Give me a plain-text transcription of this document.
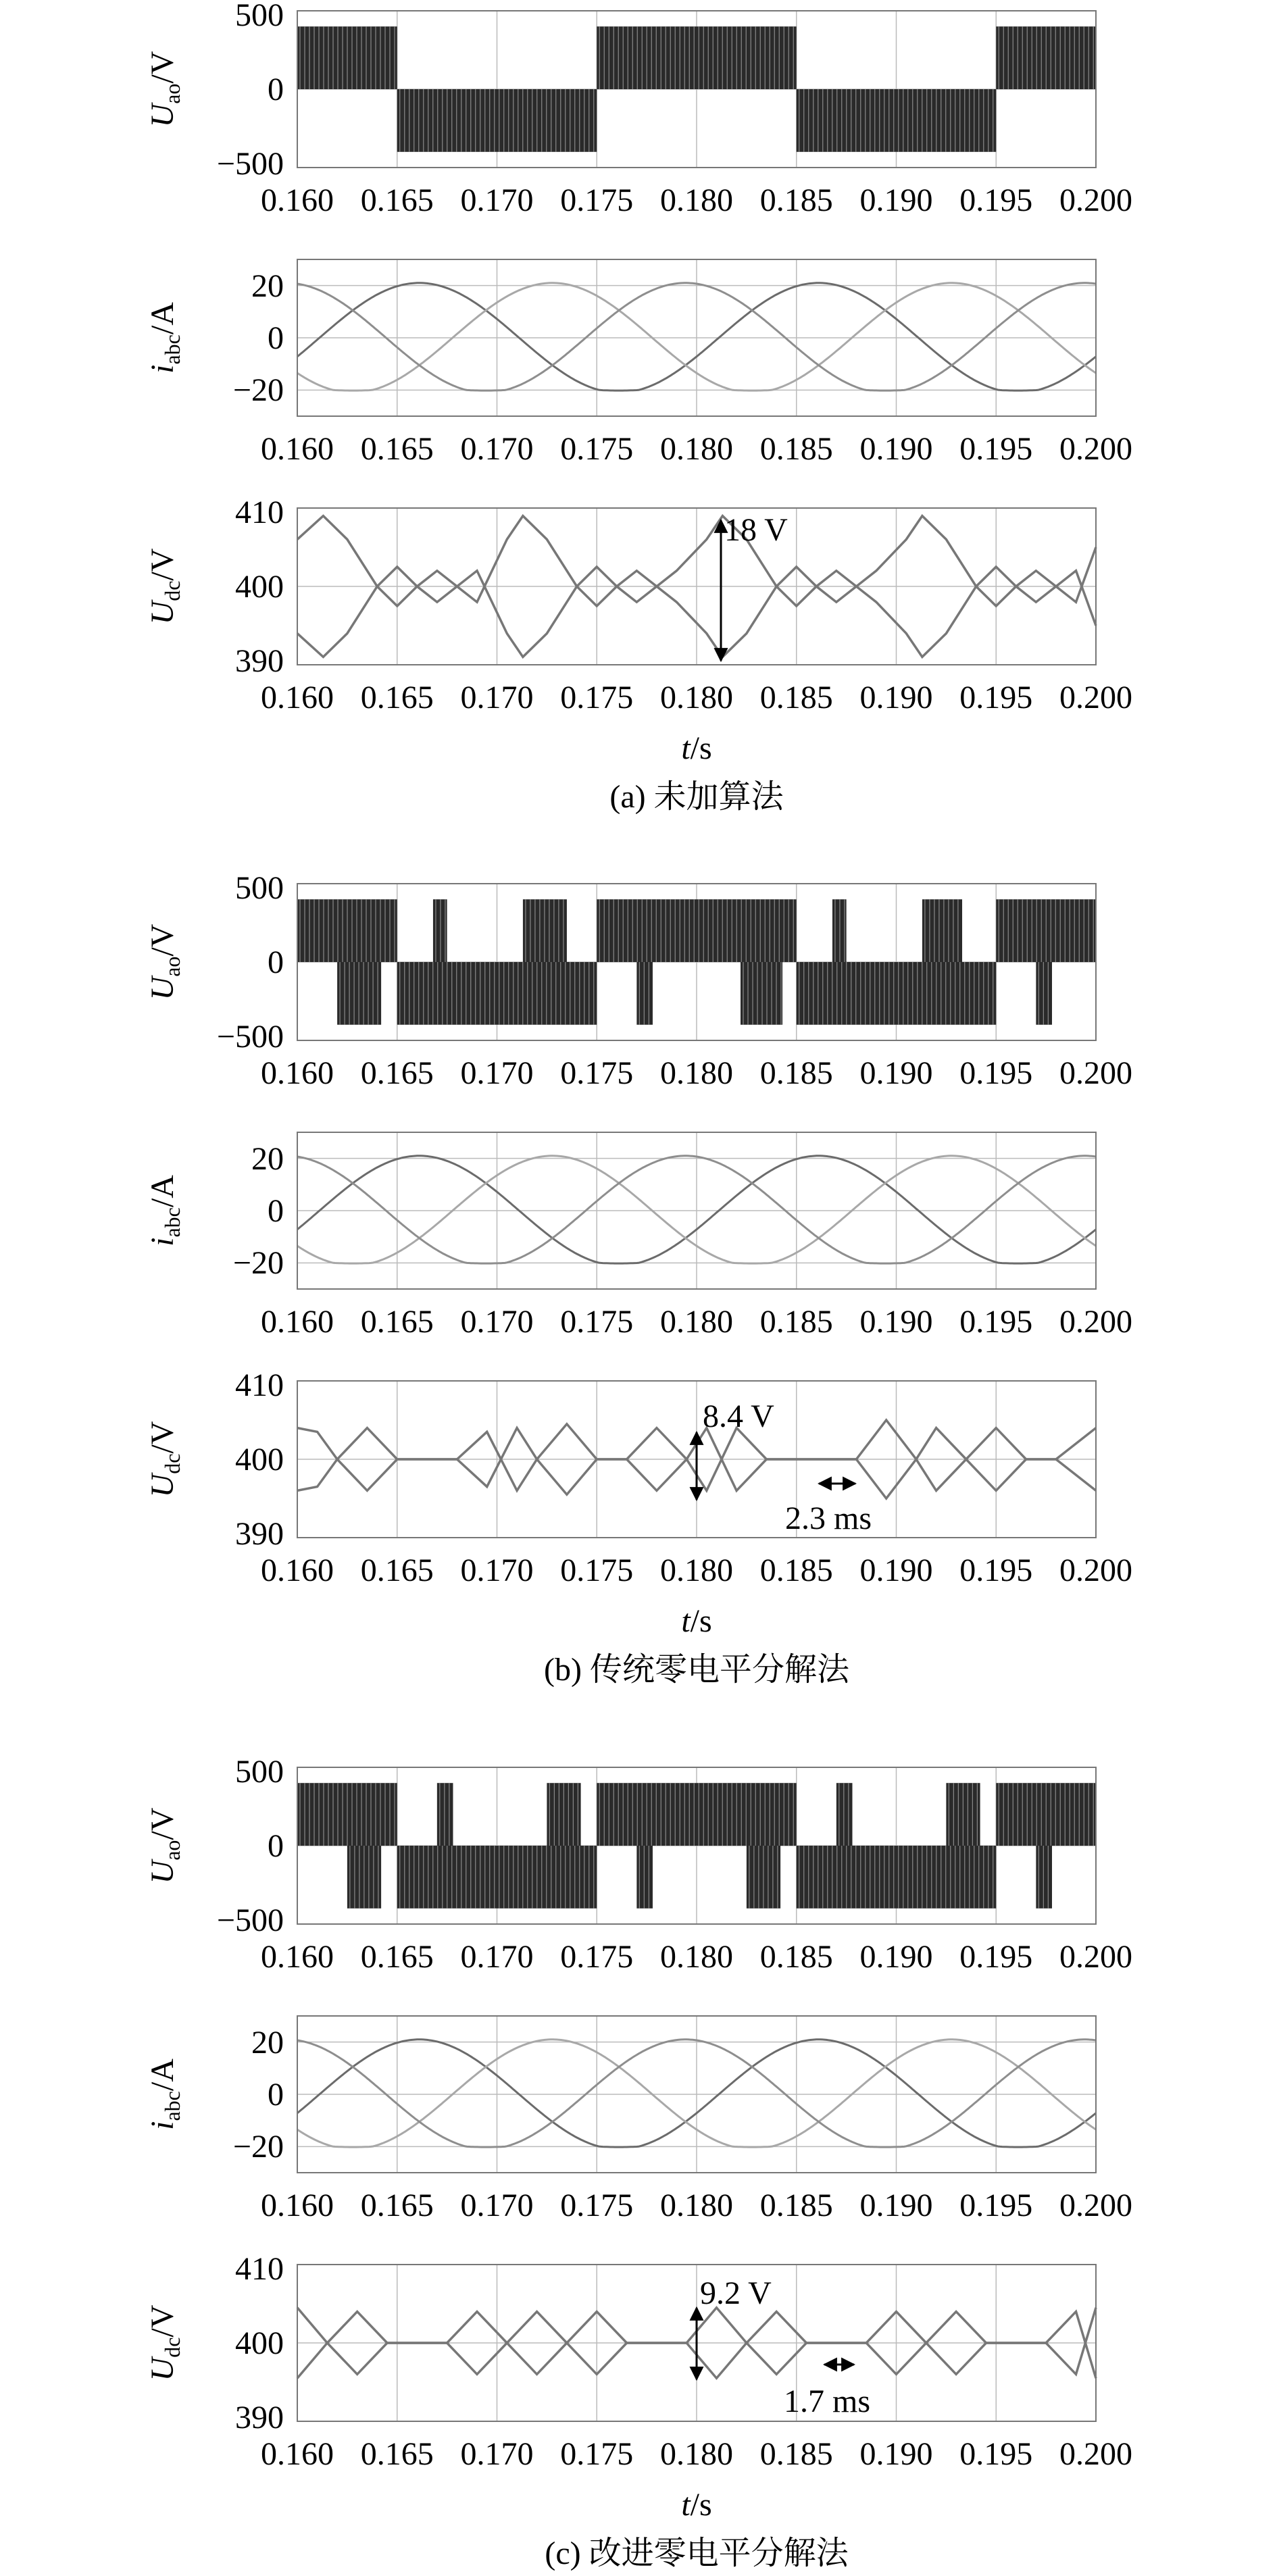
500
0
−500
$U_{ao}/V$
0.160 0.165 0.170 0.175 0.180 0.185 0.190 0.195 0.200
20
0
−20
$i_{abc}/A$
0.160 0.165 0.170 0.175 0.180 0.185 0.190 0.195 0.200
410
400
390
$U_{dc}/V$
18 V
0.160 0.165 0.170 0.175 0.180 0.185 0.190 0.195 0.200
t/s
(a) 未加算法
500
0
−500
$U_{ao}/V$
0.160 0.165 0.170 0.175 0.180 0.185 0.190 0.195 0.200
20
0
−20
$i_{abc}/A$
0.160 0.165 0.170 0.175 0.180 0.185 0.190 0.195 0.200
410
400
390
$U_{dc}/V$
8.4 V
2.3 ms
0.160 0.165 0.170 0.175 0.180 0.185 0.190 0.195 0.200
t/s
(b) 传统零电平分解法
500
0
−500
$U_{ao}/V$
0.160 0.165 0.170 0.175 0.180 0.185 0.190 0.195 0.200
20
0
−20
$i_{abc}/A$
0.160 0.165 0.170 0.175 0.180 0.185 0.190 0.195 0.200
410
400
390
$U_{dc}/V$
9.2 V
1.7 ms
0.160 0.165 0.170 0.175 0.180 0.185 0.190 0.195 0.200
t/s
(c) 改进零电平分解法
